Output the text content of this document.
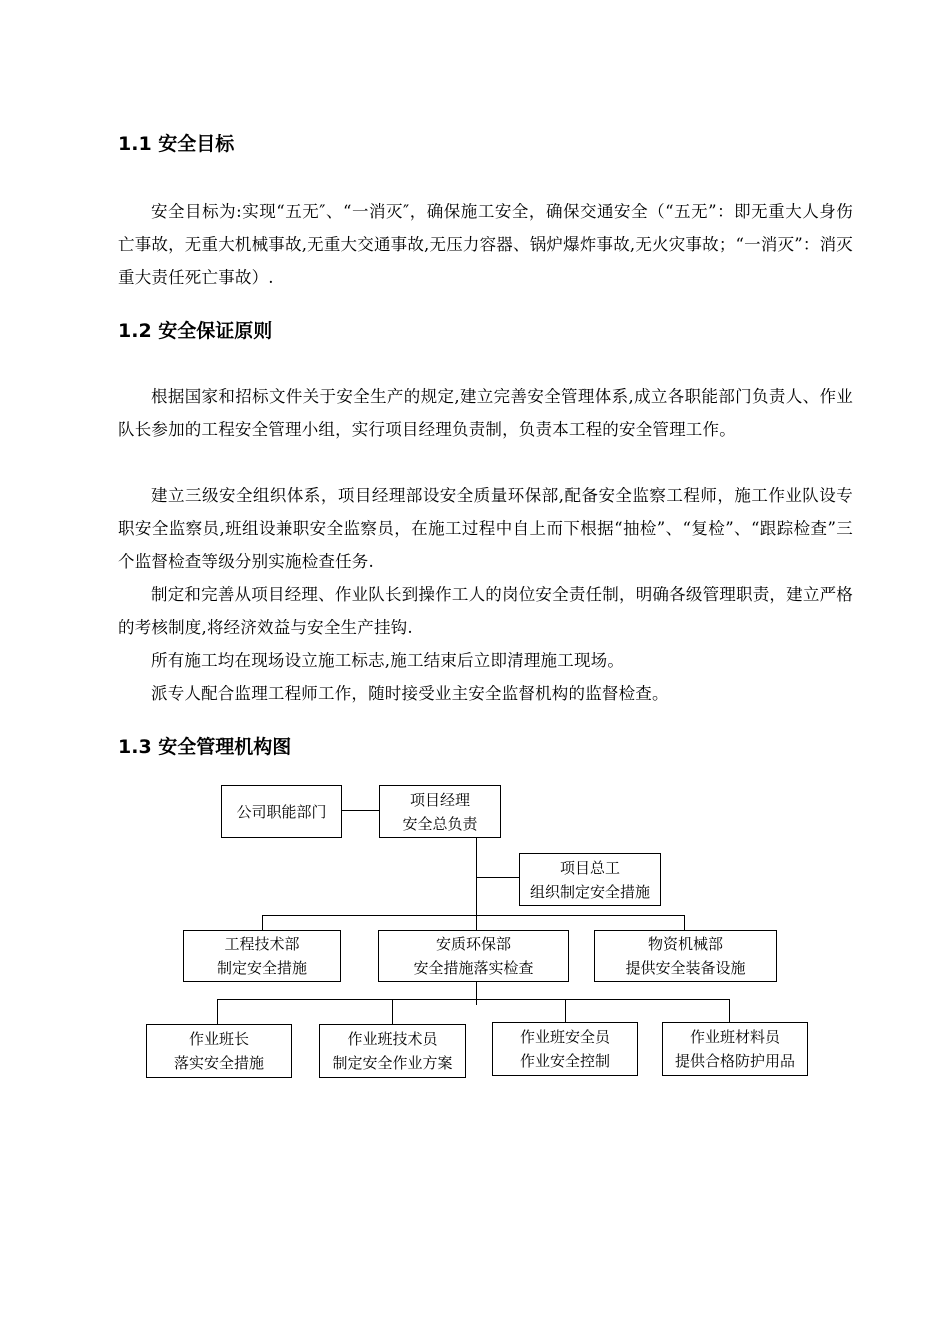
1.1 安全目标

安全目标为:实现“五无″、“一消灭″，确保施工安全，确保交通安全（“五无”：即无重大人身伤亡事故，无重大机械事故,无重大交通事故,无压力容器、锅炉爆炸事故,无火灾事故；“一消灭”：消灭重大责任死亡事故）.

1.2 安全保证原则

根据国家和招标文件关于安全生产的规定,建立完善安全管理体系,成立各职能部门负责人、作业队长参加的工程安全管理小组，实行项目经理负责制，负责本工程的安全管理工作。

建立三级安全组织体系，项目经理部设安全质量环保部,配备安全监察工程师，施工作业队设专职安全监察员,班组设兼职安全监察员，在施工过程中自上而下根据“抽检”、“复检”、“跟踪检查”三个监督检查等级分别实施检查任务.

制定和完善从项目经理、作业队长到操作工人的岗位安全责任制，明确各级管理职责，建立严格的考核制度,将经济效益与安全生产挂钩.

所有施工均在现场设立施工标志,施工结束后立即清理施工现场。

派专人配合监理工程师工作，随时接受业主安全监督机构的监督检查。

1.3 安全管理机构图
公司职能部门
项目经理
安全总负责
项目总工
组织制定安全措施
工程技术部
制定安全措施
安质环保部
安全措施落实检查
物资机械部
提供安全装备设施
作业班长
落实安全措施
作业班技术员
制定安全作业方案
作业班安全员
作业安全控制
作业班材料员
提供合格防护用品
